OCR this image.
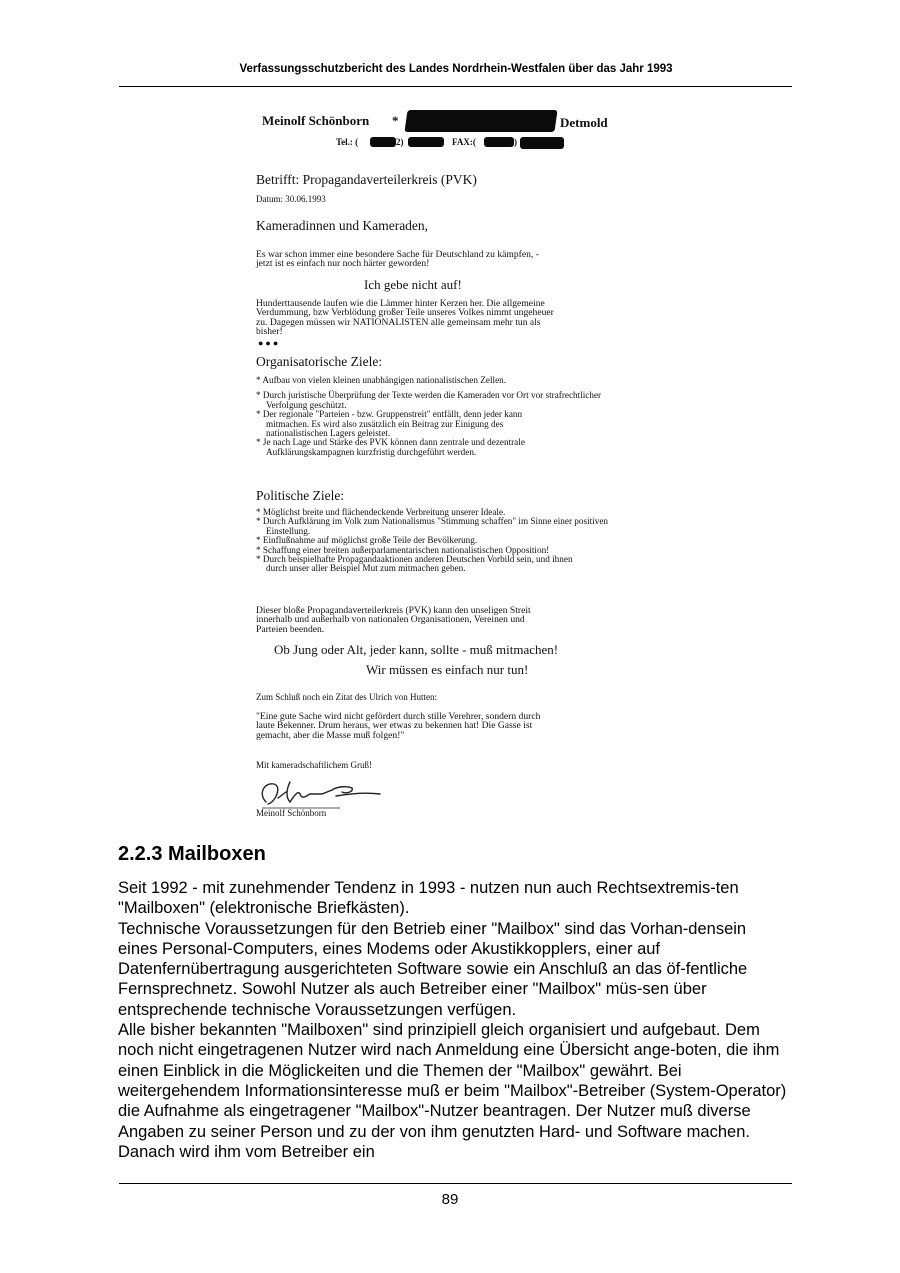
Verfassungsschutzbericht des Landes Nordrhein-Westfalen über das Jahr 1993
Meinolf Schönborn *	Detmold
Tel.: (	2)	FAX:(	)
Betrifft: Propagandaverteilerkreis (PVK)
Datum: 30.06.1993
Kameradinnen und Kameraden,
Es war schon immer eine besondere Sache für Deutschland zu kämpfen, -
jetzt ist es einfach nur noch härter geworden!
Ich gebe nicht auf!
Hunderttausende laufen wie die Lämmer hinter Kerzen her. Die allgemeine
Verdummung, bzw Verblödung großer Teile unseres Volkes nimmt ungeheuer
zu. Dagegen müssen wir NATIONALISTEN alle gemeinsam mehr tun als
bisher!
●●●
Organisatorische Ziele:
* Aufbau von vielen kleinen unabhängigen nationalistischen Zellen.
* Durch juristische Überprüfung der Texte werden die Kameraden vor Ort vor strafrechtlicher Verfolgung geschützt.
* Der regionale "Parteien - bzw. Gruppenstreit" entfällt, denn jeder kann mitmachen. Es wird also zusätzlich ein Beitrag zur Einigung des nationalistischen Lagers geleistet.
* Je nach Lage und Stärke des PVK können dann zentrale und dezentrale Aufklärungskampagnen kurzfristig durchgeführt werden.
Politische Ziele:
* Möglichst breite und flächendeckende Verbreitung unserer Ideale.
* Durch Aufklärung im Volk zum Nationalismus "Stimmung schaffen" im Sinne einer positiven Einstellung.
* Einflußnahme auf möglichst große Teile der Bevölkerung.
* Schaffung einer breiten außerparlamentarischen nationalistischen Opposition!
* Durch beispielhafte Propagandaaktionen anderen Deutschen Vorbild sein, und ihnen durch unser aller Beispiel Mut zum mitmachen geben.
Dieser bloße Propagandaverteilerkreis (PVK) kann den unseligen Streit
innerhalb und außerhalb von nationalen Organisationen, Vereinen und
Parteien beenden.
Ob Jung oder Alt, jeder kann, sollte - muß mitmachen!
Wir müssen es einfach nur tun!
Zum Schluß noch ein Zitat des Ulrich von Hutten:
"Eine gute Sache wird nicht gefördert durch stille Verehrer, sondern durch
laute Bekenner. Drum heraus, wer etwas zu bekennen hat! Die Gasse ist
gemacht, aber die Masse muß folgen!"
Mit kameradschaftlichem Gruß!
Meinolf Schönborn
2.2.3 Mailboxen

Seit 1992 - mit zunehmender Tendenz in 1993 - nutzen nun auch Rechtsextremis-ten "Mailboxen" (elektronische Briefkästen).

Technische Voraussetzungen für den Betrieb einer "Mailbox" sind das Vorhan-densein eines Personal-Computers, eines Modems oder Akustikkopplers, einer auf Datenfernübertragung ausgerichteten Software sowie ein Anschluß an das öf-fentliche Fernsprechnetz. Sowohl Nutzer als auch Betreiber einer "Mailbox" müs-sen über entsprechende technische Voraussetzungen verfügen.

Alle bisher bekannten "Mailboxen" sind prinzipiell gleich organisiert und aufgebaut. Dem noch nicht eingetragenen Nutzer wird nach Anmeldung eine Übersicht ange-boten, die ihm einen Einblick in die Möglickeiten und die Themen der "Mailbox" gewährt. Bei weitergehendem Informationsinteresse muß er beim "Mailbox"-Betreiber (System-Operator) die Aufnahme als eingetragener "Mailbox"-Nutzer beantragen. Der Nutzer muß diverse Angaben zu seiner Person und zu der von ihm genutzten Hard- und Software machen. Danach wird ihm vom Betreiber ein

89
